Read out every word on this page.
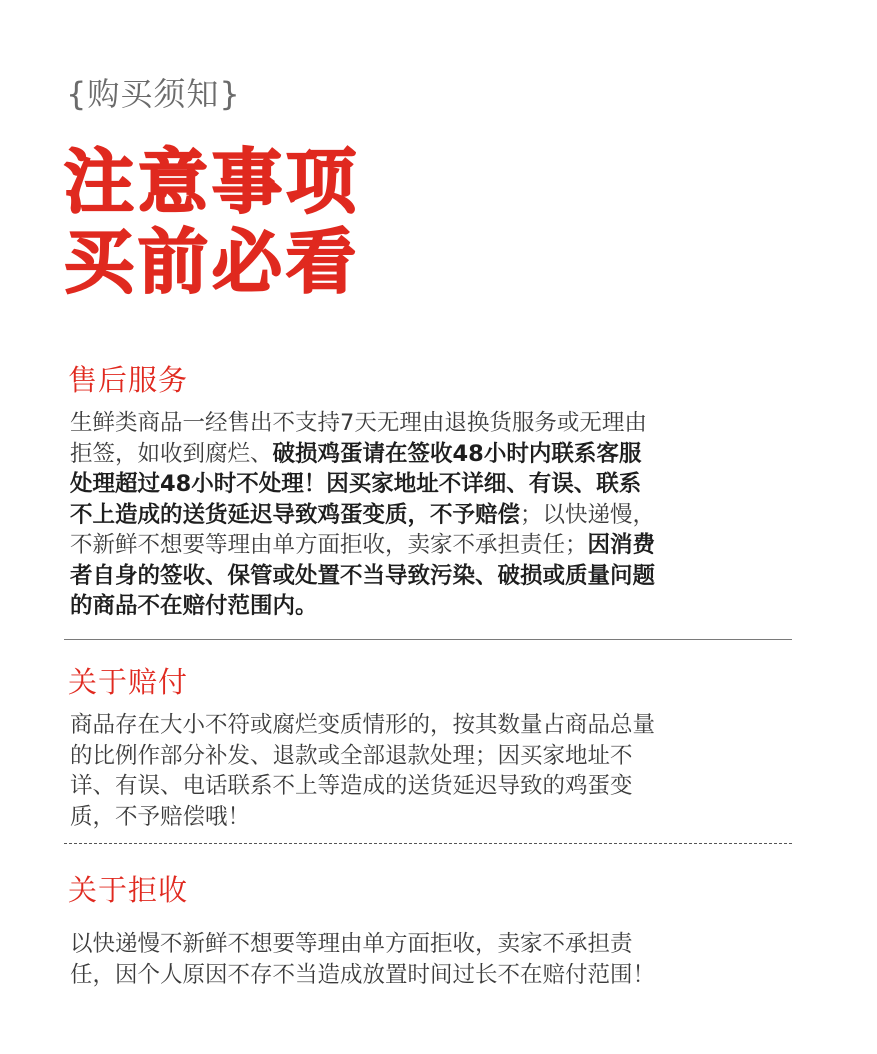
{购买须知}
注意事项
买前必看
售后服务
生鲜类商品一经售出不支持7天无理由退换货服务或无理由
拒签，如收到腐烂、破损鸡蛋请在签收48小时内联系客服
处理超过48小时不处理！因买家地址不详细、有误、联系
不上造成的送货延迟导致鸡蛋变质，不予赔偿；以快递慢，
不新鲜不想要等理由单方面拒收，卖家不承担责任；因消费
者自身的签收、保管或处置不当导致污染、破损或质量问题
的商品不在赔付范围内。
关于赔付
商品存在大小不符或腐烂变质情形的，按其数量占商品总量
的比例作部分补发、退款或全部退款处理；因买家地址不
详、有误、电话联系不上等造成的送货延迟导致的鸡蛋变
质，不予赔偿哦！
关于拒收
以快递慢不新鲜不想要等理由单方面拒收，卖家不承担责
任，因个人原因不存不当造成放置时间过长不在赔付范围！
